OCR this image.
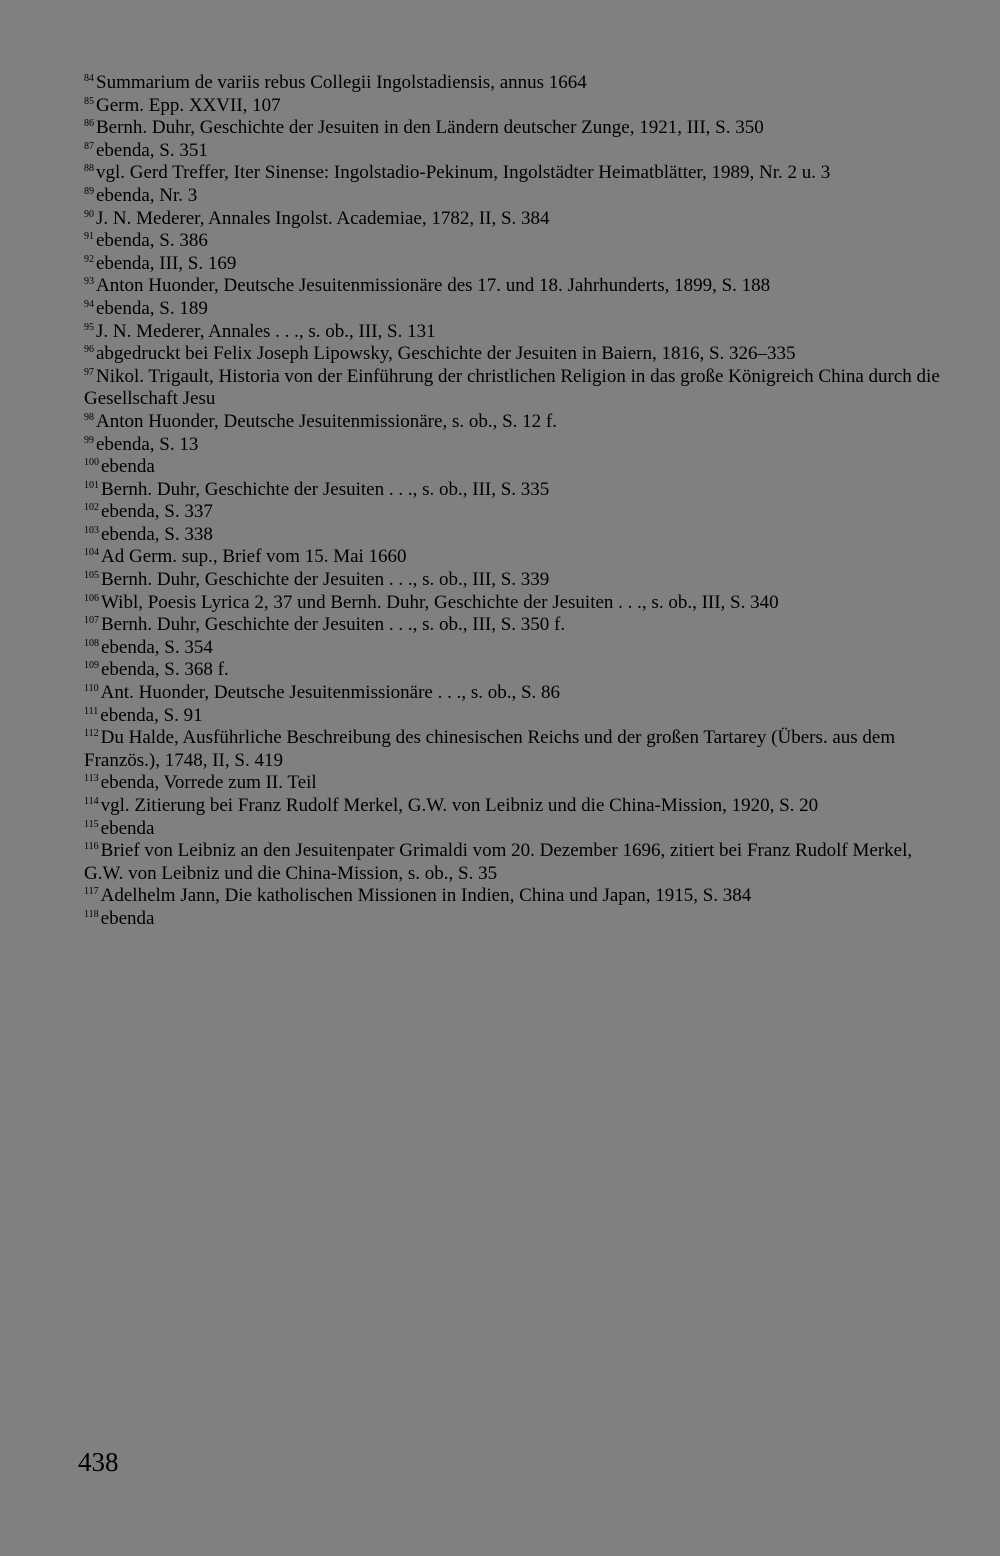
$^{84}$ Summarium de variis rebus Collegii Ingolstadiensis, annus 1664
$^{85}$ Germ. Epp. XXVII, 107
$^{86}$ Bernh. Duhr, Geschichte der Jesuiten in den Ländern deutscher Zunge, 1921, III, S. 350
$^{87}$ ebenda, S. 351
$^{88}$ vgl. Gerd Treffer, Iter Sinense: Ingolstadio-Pekinum, Ingolstädter Heimatblätter, 1989, Nr. 2 u. 3
$^{89}$ ebenda, Nr. 3
$^{90}$ J. N. Mederer, Annales Ingolst. Academiae, 1782, II, S. 384
$^{91}$ ebenda, S. 386
$^{92}$ ebenda, III, S. 169
$^{93}$ Anton Huonder, Deutsche Jesuitenmissionäre des 17. und 18. Jahrhunderts, 1899, S. 188
$^{94}$ ebenda, S. 189
$^{95}$ J. N. Mederer, Annales . . ., s. ob., III, S. 131
$^{96}$ abgedruckt bei Felix Joseph Lipowsky, Geschichte der Jesuiten in Baiern, 1816, S. 326–335
$^{97}$ Nikol. Trigault, Historia von der Einführung der christlichen Religion in das große Königreich China durch die Gesellschaft Jesu
$^{98}$ Anton Huonder, Deutsche Jesuitenmissionäre, s. ob., S. 12 f.
$^{99}$ ebenda, S. 13
$^{100}$ ebenda
$^{101}$ Bernh. Duhr, Geschichte der Jesuiten . . ., s. ob., III, S. 335
$^{102}$ ebenda, S. 337
$^{103}$ ebenda, S. 338
$^{104}$ Ad Germ. sup., Brief vom 15. Mai 1660
$^{105}$ Bernh. Duhr, Geschichte der Jesuiten . . ., s. ob., III, S. 339
$^{106}$ Wibl, Poesis Lyrica 2, 37 und Bernh. Duhr, Geschichte der Jesuiten . . ., s. ob., III, S. 340
$^{107}$ Bernh. Duhr, Geschichte der Jesuiten . . ., s. ob., III, S. 350 f.
$^{108}$ ebenda, S. 354
$^{109}$ ebenda, S. 368 f.
$^{110}$ Ant. Huonder, Deutsche Jesuitenmissionäre . . ., s. ob., S. 86
$^{111}$ ebenda, S. 91
$^{112}$ Du Halde, Ausführliche Beschreibung des chinesischen Reichs und der großen Tartarey (Übers. aus dem Französ.), 1748, II, S. 419
$^{113}$ ebenda, Vorrede zum II. Teil
$^{114}$ vgl. Zitierung bei Franz Rudolf Merkel, G.W. von Leibniz und die China-Mission, 1920, S. 20
$^{115}$ ebenda
$^{116}$ Brief von Leibniz an den Jesuitenpater Grimaldi vom 20. Dezember 1696, zitiert bei Franz Rudolf Merkel, G.W. von Leibniz und die China-Mission, s. ob., S. 35
$^{117}$ Adelhelm Jann, Die katholischen Missionen in Indien, China und Japan, 1915, S. 384
$^{118}$ ebenda
438
